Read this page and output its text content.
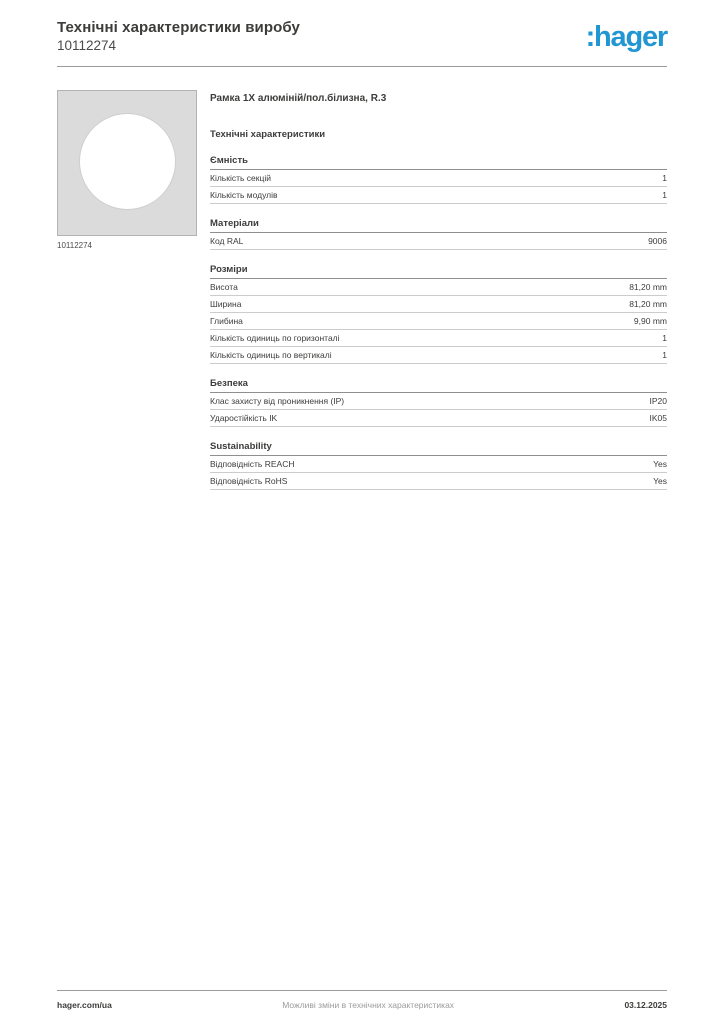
Технічні характеристики виробу
10112274	:hager
10112274
Рамка 1X алюміній/пол.білизна, R.3
Технічні характеристики
Ємність
Кількість секцій	1
Кількість модулів	1
Матеріали
Код RAL	9006
Розміри
Висота	81,20 mm
Ширина	81,20 mm
Глибина	9,90 mm
Кількість одиниць по горизонталі	1
Кількість одиниць по вертикалі	1
Безпека
Клас захисту від проникнення (IP)	IP20
Ударостійкість IK	IK05
Sustainability
Відповідність REACH	Yes
Відповідність RoHS	Yes
hager.com/ua	Можливі зміни в технічних характеристиках	03.12.2025
